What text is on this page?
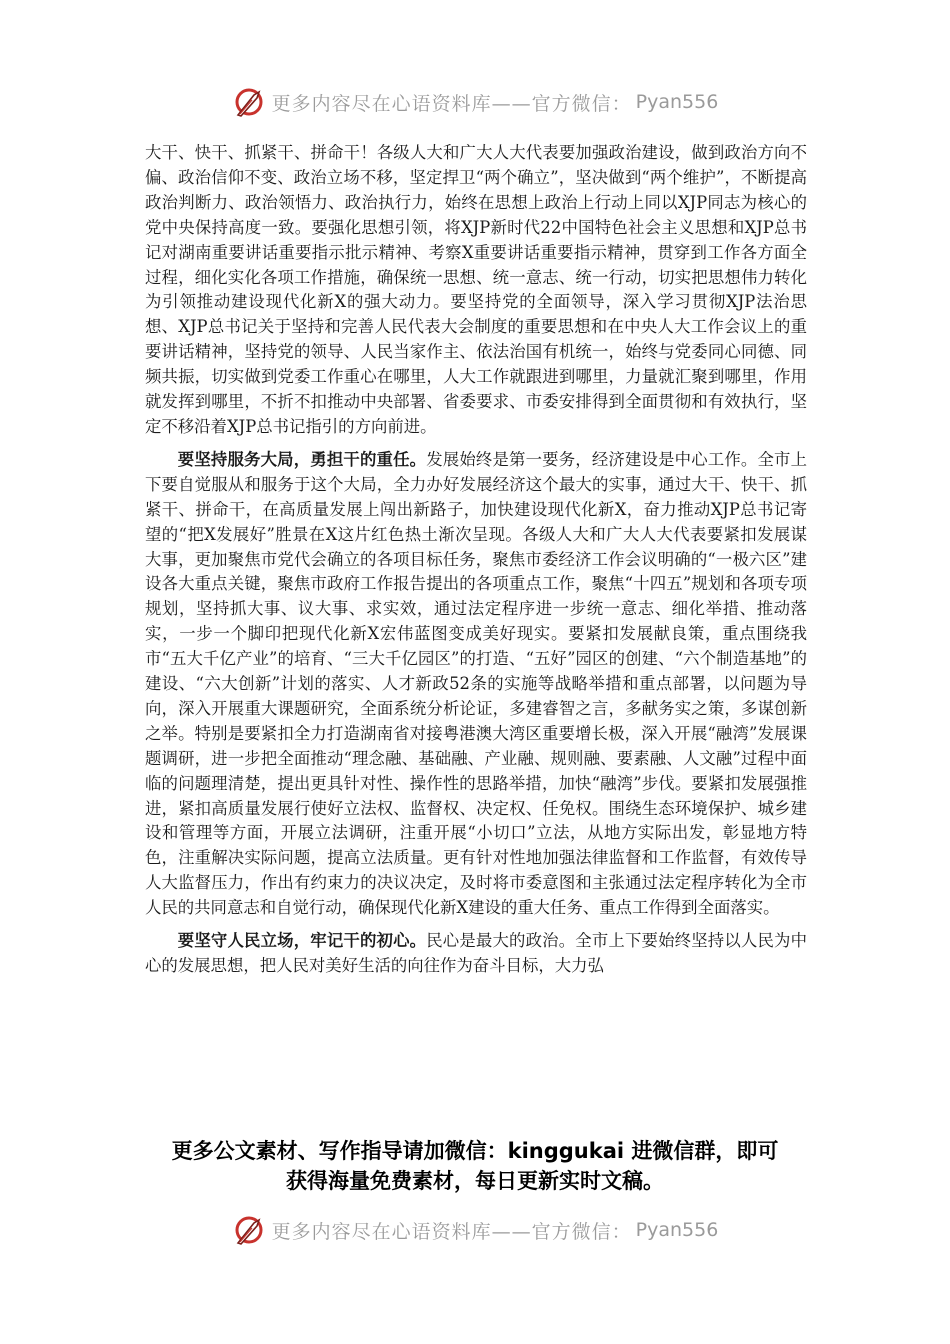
更多内容尽在心语资料库——官方微信： Pyan556

大干、快干、抓紧干、拼命干！各级人大和广大人大代表要加强政治建设，做到政治方向不偏、政治信仰不变、政治立场不移，坚定捍卫“两个确立”，坚决做到“两个维护”，不断提高政治判断力、政治领悟力、政治执行力，始终在思想上政治上行动上同以XJP同志为核心的党中央保持高度一致。要强化思想引领，将XJP新时代22中国特色社会主义思想和XJP总书记对湖南重要讲话重要指示批示精神、考察X重要讲话重要指示精神，贯穿到工作各方面全过程，细化实化各项工作措施，确保统一思想、统一意志、统一行动，切实把思想伟力转化为引领推动建设现代化新X的强大动力。要坚持党的全面领导，深入学习贯彻XJP法治思想、XJP总书记关于坚持和完善人民代表大会制度的重要思想和在中央人大工作会议上的重要讲话精神，坚持党的领导、人民当家作主、依法治国有机统一，始终与党委同心同德、同频共振，切实做到党委工作重心在哪里，人大工作就跟进到哪里，力量就汇聚到哪里，作用就发挥到哪里，不折不扣推动中央部署、省委要求、市委安排得到全面贯彻和有效执行，坚定不移沿着XJP总书记指引的方向前进。

要坚持服务大局，勇担干的重任。发展始终是第一要务，经济建设是中心工作。全市上下要自觉服从和服务于这个大局，全力办好发展经济这个最大的实事，通过大干、快干、抓紧干、拼命干，在高质量发展上闯出新路子，加快建设现代化新X，奋力推动XJP总书记寄望的“把X发展好”胜景在X这片红色热土渐次呈现。各级人大和广大人大代表要紧扣发展谋大事，更加聚焦市党代会确立的各项目标任务，聚焦市委经济工作会议明确的“一极六区”建设各大重点关键，聚焦市政府工作报告提出的各项重点工作，聚焦“十四五”规划和各项专项规划，坚持抓大事、议大事、求实效，通过法定程序进一步统一意志、细化举措、推动落实，一步一个脚印把现代化新X宏伟蓝图变成美好现实。要紧扣发展献良策，重点围绕我市“五大千亿产业”的培育、“三大千亿园区”的打造、“五好”园区的创建、“六个制造基地”的建设、“六大创新”计划的落实、人才新政52条的实施等战略举措和重点部署，以问题为导向，深入开展重大课题研究，全面系统分析论证，多建睿智之言，多献务实之策，多谋创新之举。特别是要紧扣全力打造湖南省对接粤港澳大湾区重要增长极，深入开展“融湾”发展课题调研，进一步把全面推动“理念融、基础融、产业融、规则融、要素融、人文融”过程中面临的问题理清楚，提出更具针对性、操作性的思路举措，加快“融湾”步伐。要紧扣发展强推进，紧扣高质量发展行使好立法权、监督权、决定权、任免权。围绕生态环境保护、城乡建设和管理等方面，开展立法调研，注重开展“小切口”立法，从地方实际出发，彰显地方特色，注重解决实际问题，提高立法质量。更有针对性地加强法律监督和工作监督，有效传导人大监督压力，作出有约束力的决议决定，及时将市委意图和主张通过法定程序转化为全市人民的共同意志和自觉行动，确保现代化新X建设的重大任务、重点工作得到全面落实。

要坚守人民立场，牢记干的初心。民心是最大的政治。全市上下要始终坚持以人民为中心的发展思想，把人民对美好生活的向往作为奋斗目标，大力弘

更多公文素材、写作指导请加微信：kinggukai 进微信群，即可
获得海量免费素材，每日更新实时文稿。
更多内容尽在心语资料库——官方微信： Pyan556
